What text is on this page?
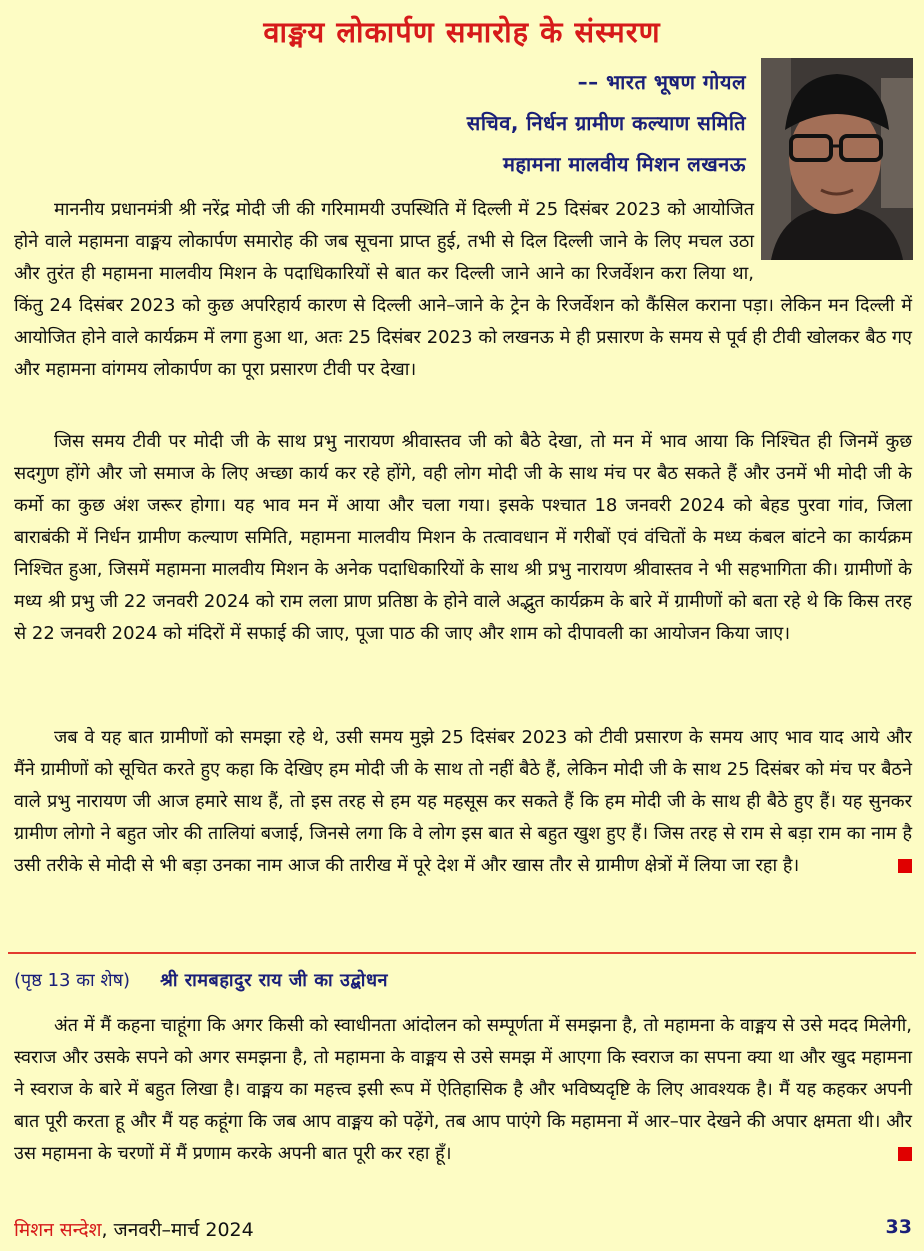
वाङ्मय लोकार्पण समारोह के संस्मरण
–– भारत भूषण गोयल
सचिव, निर्धन ग्रामीण कल्याण समिति
महामना मालवीय मिशन लखनऊ
माननीय प्रधानमंत्री श्री नरेंद्र मोदी जी की गरिमामयी उपस्थिति में दिल्ली में 25 दिसंबर 2023 को आयोजित होने वाले महामना वाङ्मय लोकार्पण समारोह की जब सूचना प्राप्त हुई, तभी से दिल दिल्ली जाने के लिए मचल उठा और तुरंत ही महामना मालवीय मिशन के पदाधिकारियों से बात कर दिल्ली जाने आने का रिजर्वेशन करा लिया था, किंतु 24 दिसंबर 2023 को कुछ अपरिहार्य कारण से दिल्ली आने–जाने के ट्रेन के रिजर्वेशन को कैंसिल कराना पड़ा। लेकिन मन दिल्ली में आयोजित होने वाले कार्यक्रम में लगा हुआ था, अतः 25 दिसंबर 2023 को लखनऊ मे ही प्रसारण के समय से पूर्व ही टीवी खोलकर बैठ गए और महामना वांगमय लोकार्पण का पूरा प्रसारण टीवी पर देखा।
जिस समय टीवी पर मोदी जी के साथ प्रभु नारायण श्रीवास्तव जी को बैठे देखा, तो मन में भाव आया कि निश्चित ही जिनमें कुछ सदगुण होंगे और जो समाज के लिए अच्छा कार्य कर रहे होंगे, वही लोग मोदी जी के साथ मंच पर बैठ सकते हैं और उनमें भी मोदी जी के कर्मो का कुछ अंश जरूर होगा। यह भाव मन में आया और चला गया। इसके पश्चात 18 जनवरी 2024 को बेहड पुरवा गांव, जिला बाराबंकी में निर्धन ग्रामीण कल्याण समिति, महामना मालवीय मिशन के तत्वावधान में गरीबों एवं वंचितों के मध्य कंबल बांटने का कार्यक्रम निश्चित हुआ, जिसमें महामना मालवीय मिशन के अनेक पदाधिकारियों के साथ श्री प्रभु नारायण श्रीवास्तव ने भी सहभागिता की। ग्रामीणों के मध्य श्री प्रभु जी 22 जनवरी 2024 को राम लला प्राण प्रतिष्ठा के होने वाले अद्भुत कार्यक्रम के बारे में ग्रामीणों को बता रहे थे कि किस तरह से 22 जनवरी 2024 को मंदिरों में सफाई की जाए, पूजा पाठ की जाए और शाम को दीपावली का आयोजन किया जाए।
जब वे यह बात ग्रामीणों को समझा रहे थे, उसी समय मुझे 25 दिसंबर 2023 को टीवी प्रसारण के समय आए भाव याद आये और मैंने ग्रामीणों को सूचित करते हुए कहा कि देखिए हम मोदी जी के साथ तो नहीं बैठे हैं, लेकिन मोदी जी के साथ 25 दिसंबर को मंच पर बैठने वाले प्रभु नारायण जी आज हमारे साथ हैं, तो इस तरह से हम यह महसूस कर सकते हैं कि हम मोदी जी के साथ ही बैठे हुए हैं। यह सुनकर ग्रामीण लोगो ने बहुत जोर की तालियां बजाई, जिनसे लगा कि वे लोग इस बात से बहुत खुश हुए हैं। जिस तरह से राम से बड़ा राम का नाम है उसी तरीके से मोदी से भी बड़ा उनका नाम आज की तारीख में पूरे देश में और खास तौर से ग्रामीण क्षेत्रों में लिया जा रहा है।
(पृष्ठ 13 का शेष) श्री रामबहादुर राय जी का उद्बोधन
अंत में मैं कहना चाहूंगा कि अगर किसी को स्वाधीनता आंदोलन को सम्पूर्णता में समझना है, तो महामना के वाङ्मय से उसे मदद मिलेगी, स्वराज और उसके सपने को अगर समझना है, तो महामना के वाङ्मय से उसे समझ में आएगा कि स्वराज का सपना क्या था और खुद महामना ने स्वराज के बारे में बहुत लिखा है। वाङ्मय का महत्त्व इसी रूप में ऐतिहासिक है और भविष्यदृष्टि के लिए आवश्यक है। मैं यह कहकर अपनी बात पूरी करता हू और मैं यह कहूंगा कि जब आप वाङ्मय को पढ़ेंगे, तब आप पाएंगे कि महामना में आर–पार देखने की अपार क्षमता थी। और उस महामना के चरणों में मैं प्रणाम करके अपनी बात पूरी कर रहा हूँ।
मिशन सन्देश, जनवरी–मार्च 2024	33
